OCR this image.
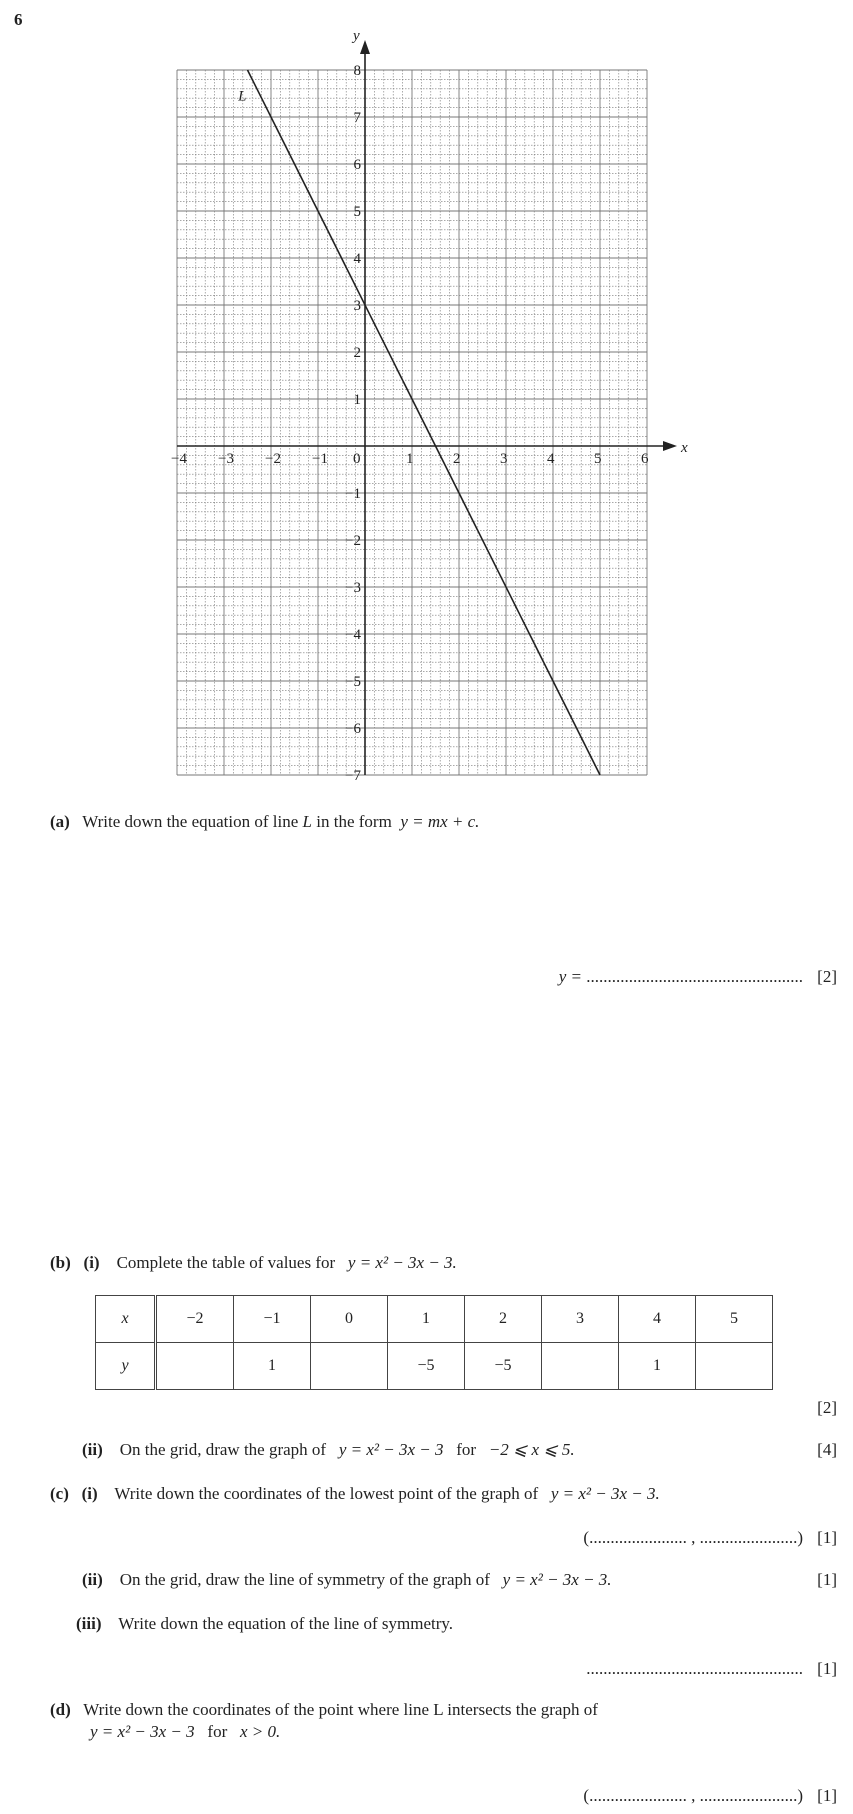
6
x
y
−4 −3 −2 −1 0	1	2	3	4	5	6
8
7
6
5
4
3
2
1
−1
−2
−3
−4
−5
−6
−7
L
(a) Write down the equation of line L in the form y = mx + c.
y = ................................................... [2]
(b) (i) Complete the table of values for y = x² − 3x − 3.
x	−2	−1	0	1	2	3	4	5
y		1		−5	−5		1	
[2]
(ii) On the grid, draw the graph of y = x² − 3x − 3 for −2 ⩽ x ⩽ 5.	[4]
(c) (i) Write down the coordinates of the lowest point of the graph of y = x² − 3x − 3.
(....................... , .......................) [1]
(ii) On the grid, draw the line of symmetry of the graph of y = x² − 3x − 3.	[1]
(iii) Write down the equation of the line of symmetry.
................................................... [1]
(d) Write down the coordinates of the point where line L intersects the graph of
y = x² − 3x − 3 for x > 0.
(....................... , .......................) [1]
